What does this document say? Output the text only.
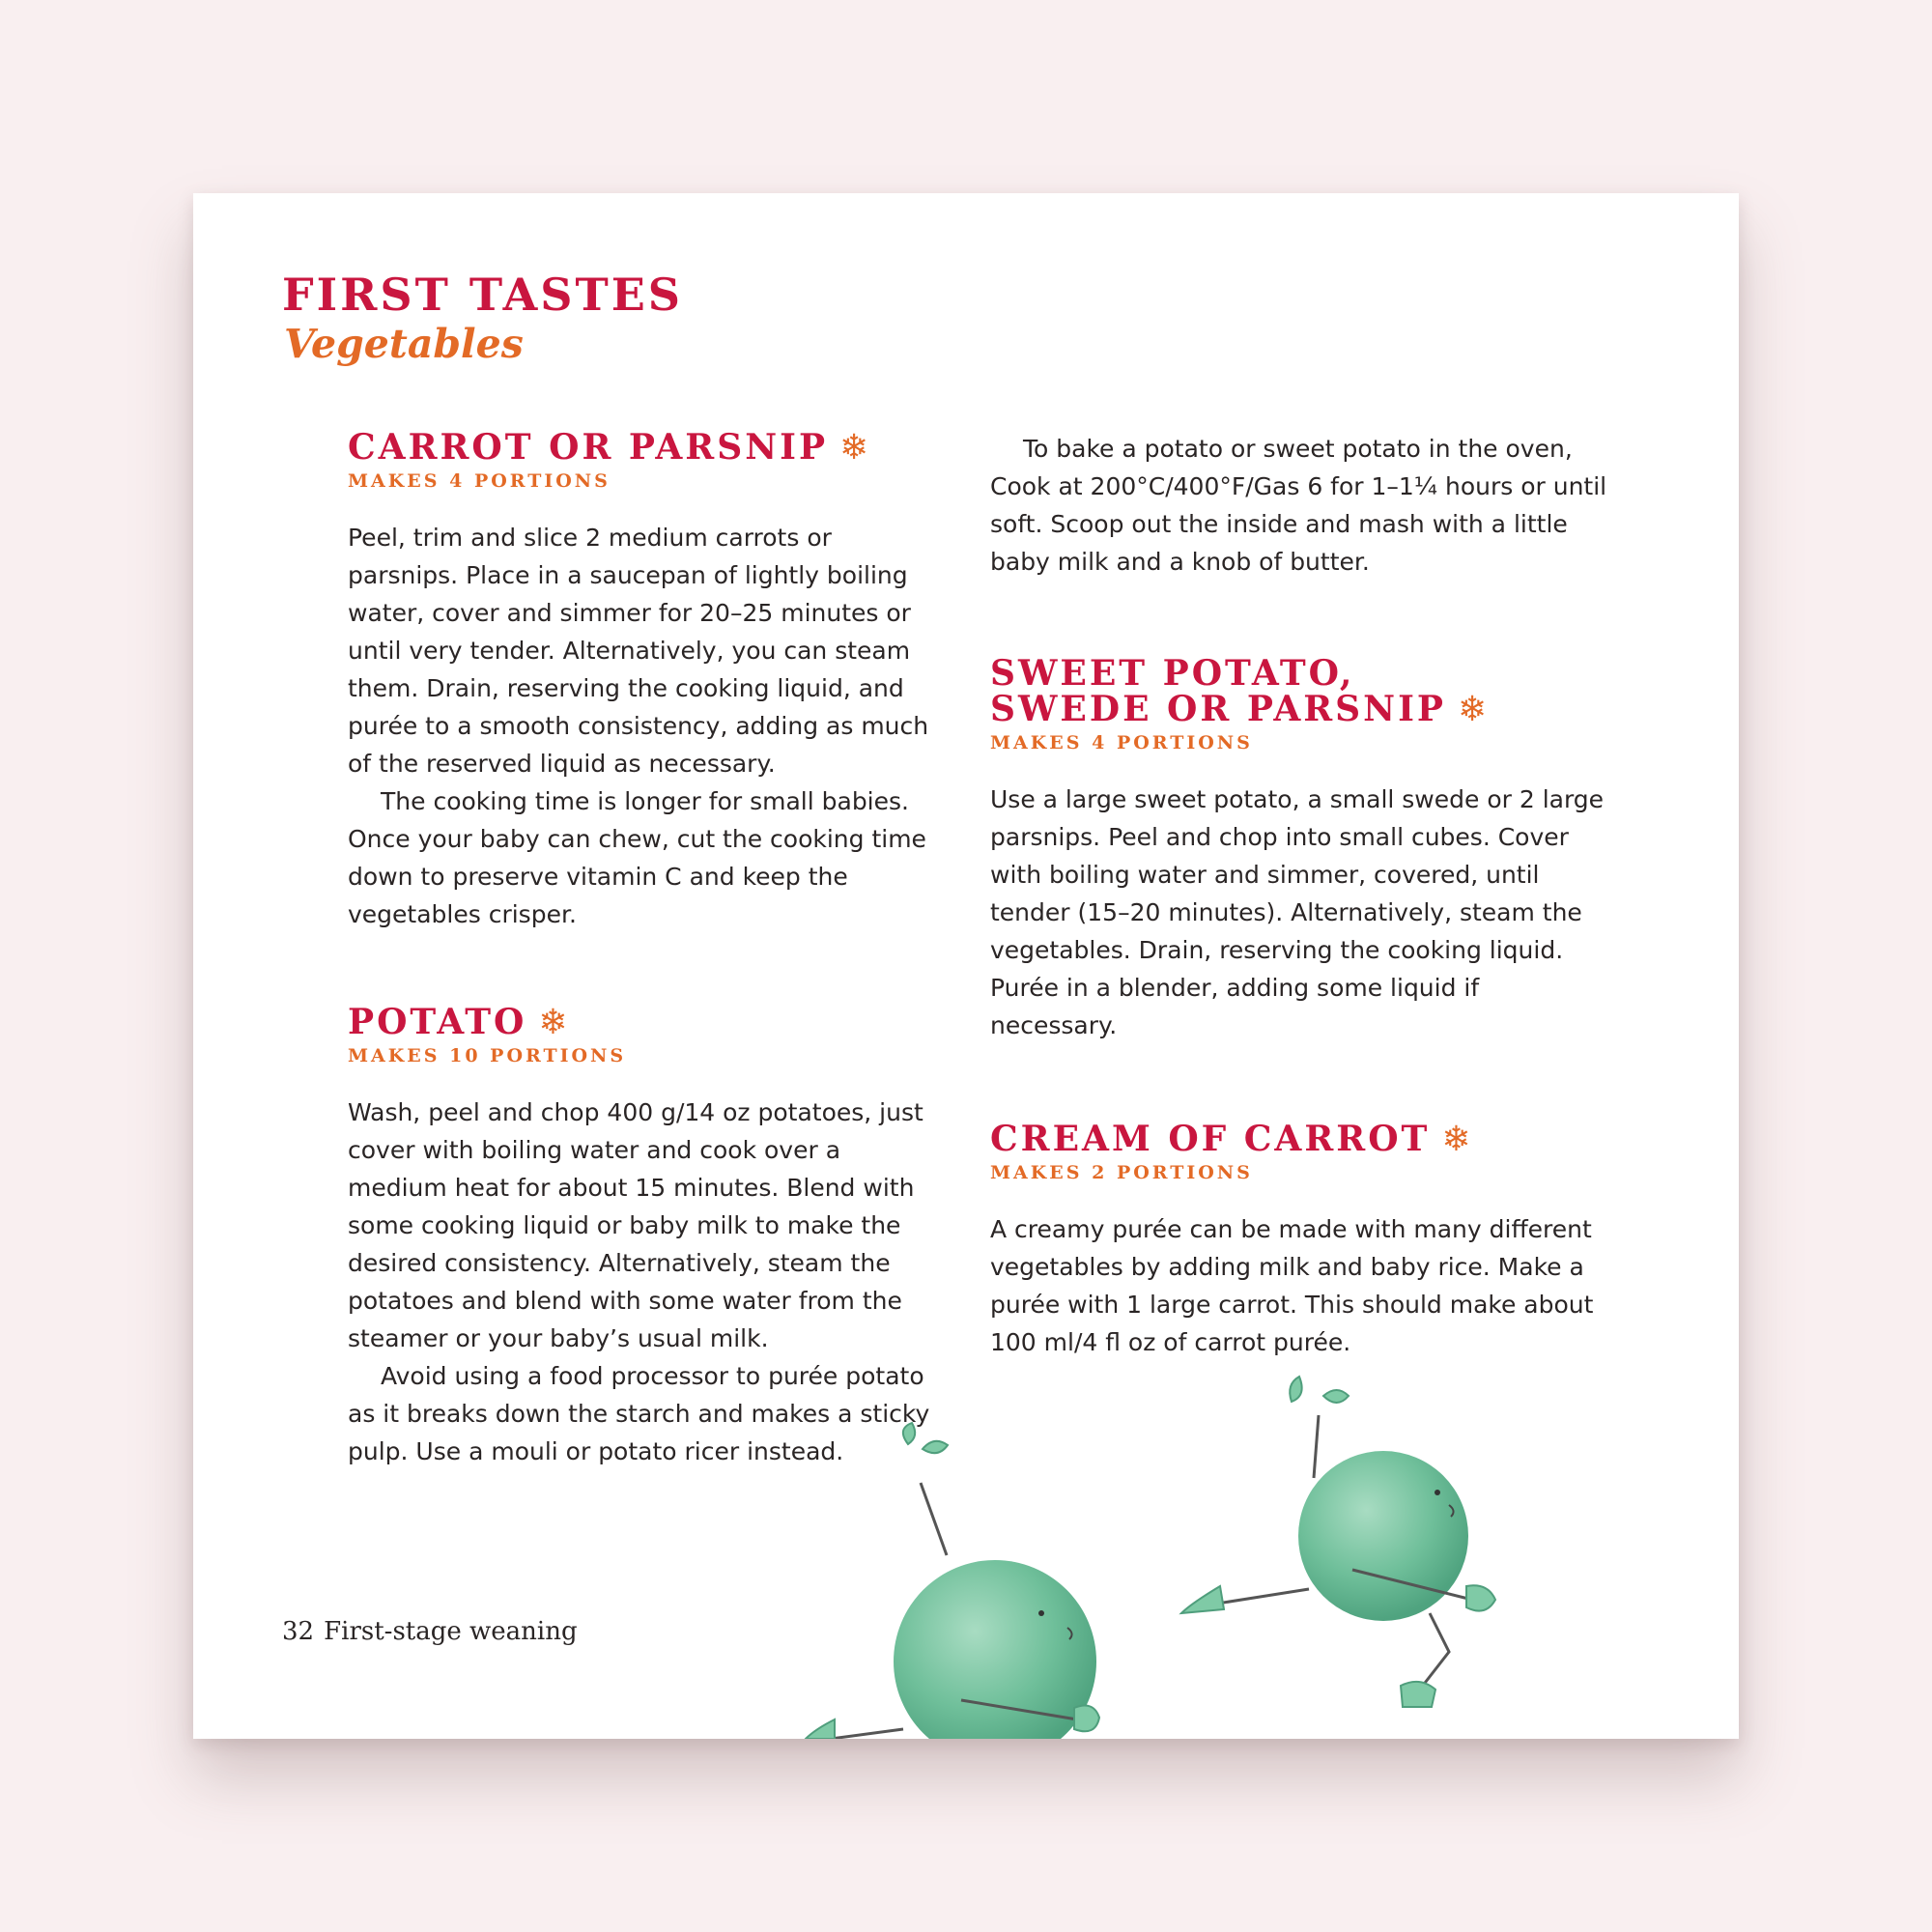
FIRST TASTES
Vegetables
CARROT OR PARSNIP ❄

MAKES 4 PORTIONS

Peel, trim and slice 2 medium carrots or parsnips. Place in a saucepan of lightly boiling water, cover and simmer for 20–25 minutes or until very tender. Alternatively, you can steam them. Drain, reserving the cooking liquid, and purée to a smooth consistency, adding as much of the reserved liquid as necessary.

The cooking time is longer for small babies. Once your baby can chew, cut the cooking time down to preserve vitamin C and keep the vegetables crisper.

POTATO ❄

MAKES 10 PORTIONS

Wash, peel and chop 400 g/14 oz potatoes, just cover with boiling water and cook over a medium heat for about 15 minutes. Blend with some cooking liquid or baby milk to make the desired consistency. Alternatively, steam the potatoes and blend with some water from the steamer or your baby’s usual milk.

Avoid using a food processor to purée potato as it breaks down the starch and makes a sticky pulp. Use a mouli or potato ricer instead.

To bake a potato or sweet potato in the oven, Cook at 200°C/400°F/Gas 6 for 1–1¼ hours or until soft. Scoop out the inside and mash with a little baby milk and a knob of butter.

SWEET POTATO,
SWEDE OR PARSNIP ❄

MAKES 4 PORTIONS

Use a large sweet potato, a small swede or 2 large parsnips. Peel and chop into small cubes. Cover with boiling water and simmer, covered, until tender (15–20 minutes). Alternatively, steam the vegetables. Drain, reserving the cooking liquid. Purée in a blender, adding some liquid if necessary.

CREAM OF CARROT ❄

MAKES 2 PORTIONS

A creamy purée can be made with many different vegetables by adding milk and baby rice. Make a purée with 1 large carrot. This should make about 100 ml/4 fl oz of carrot purée.

32 First-stage weaning
